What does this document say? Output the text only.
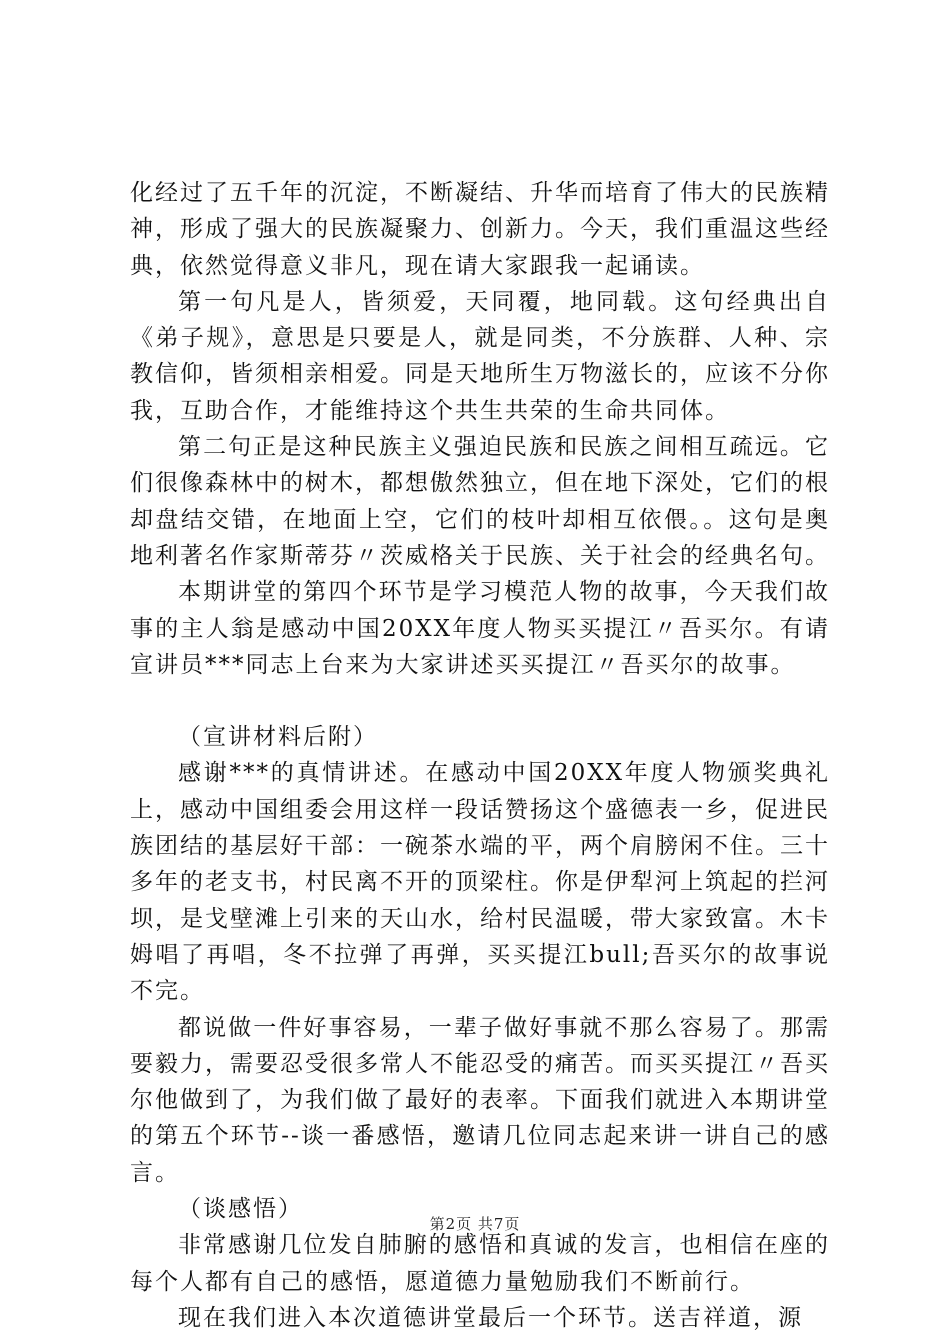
化经过了五千年的沉淀，不断凝结、升华而培育了伟大的民族精神，形成了强大的民族凝聚力、创新力。今天，我们重温这些经典，依然觉得意义非凡，现在请大家跟我一起诵读。

第一句凡是人，皆须爱，天同覆，地同载。这句经典出自《弟子规》，意思是只要是人，就是同类，不分族群、人种、宗教信仰，皆须相亲相爱。同是天地所生万物滋长的，应该不分你我，互助合作，才能维持这个共生共荣的生命共同体。

第二句正是这种民族主义强迫民族和民族之间相互疏远。它们很像森林中的树木，都想傲然独立，但在地下深处，它们的根却盘结交错，在地面上空，它们的枝叶却相互依偎。。这句是奥地利著名作家斯蒂芬〃茨威格关于民族、关于社会的经典名句。

本期讲堂的第四个环节是学习模范人物的故事，今天我们故事的主人翁是感动中国20XX年度人物买买提江〃吾买尔。有请宣讲员***同志上台来为大家讲述买买提江〃吾买尔的故事。

（宣讲材料后附）

感谢***的真情讲述。在感动中国20XX年度人物颁奖典礼上，感动中国组委会用这样一段话赞扬这个盛德表一乡，促进民族团结的基层好干部：一碗茶水端的平，两个肩膀闲不住。三十多年的老支书，村民离不开的顶梁柱。你是伊犁河上筑起的拦河坝，是戈壁滩上引来的天山水，给村民温暖，带大家致富。木卡姆唱了再唱，冬不拉弹了再弹，买买提江bull;吾买尔的故事说不完。

都说做一件好事容易，一辈子做好事就不那么容易了。那需要毅力，需要忍受很多常人不能忍受的痛苦。而买买提江〃吾买尔他做到了，为我们做了最好的表率。下面我们就进入本期讲堂的第五个环节--谈一番感悟，邀请几位同志起来讲一讲自己的感言。

（谈感悟）

非常感谢几位发自肺腑的感悟和真诚的发言，也相信在座的每个人都有自己的感悟，愿道德力量勉励我们不断前行。

现在我们进入本次道德讲堂最后一个环节。送吉祥道，源

第2页 共7页
